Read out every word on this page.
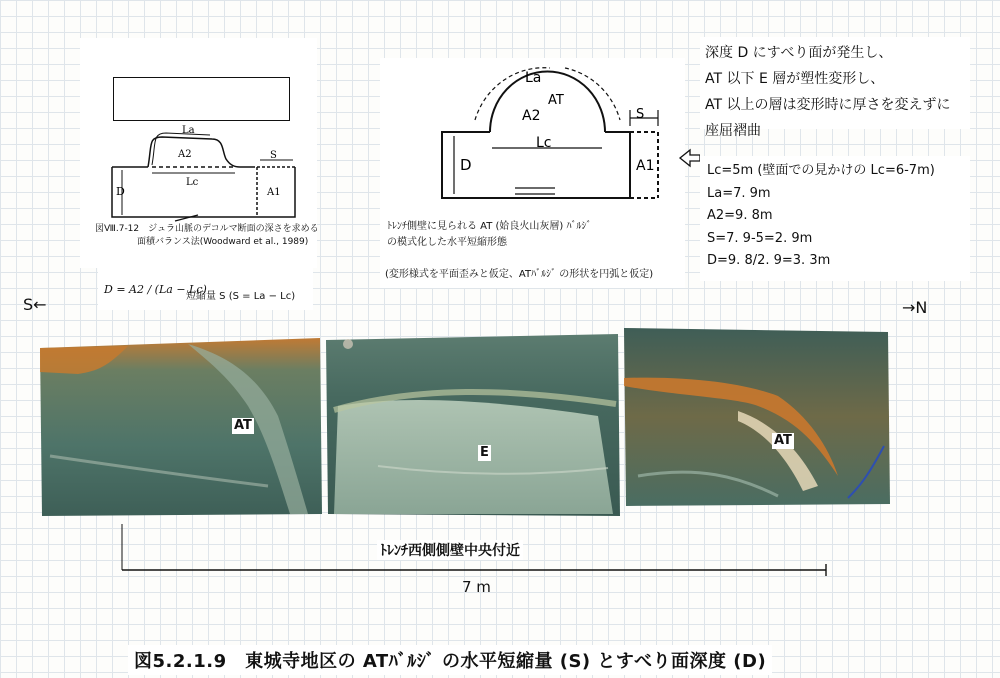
La
A2
Lc
S
D	A1
図Ⅷ.7-12　ジュラ山脈のデコルマ断面の深さを求める
面積バランス法(Woodward et al., 1989)
D = A2 / (La − Lc)
短縮量 S (S = La − Lc)
La
AT
A2
Lc
S
D	A1
ﾄﾚﾝﾁ側壁に見られる AT (姶良火山灰層) ﾊﾞﾙｼﾞ
の模式化した水平短縮形態
(変形様式を平面歪みと仮定、ATﾊﾞﾙｼﾞ の形状を円弧と仮定)
深度 D にすべり面が発生し、
AT 以下 E 層が塑性変形し、
AT 以上の層は変形時に厚さを変えずに
座屈褶曲
Lc=5m (壁面での見かけの Lc=6-7m)
La=7. 9m
A2=9. 8m
S=7. 9-5=2. 9m
D=9. 8/2. 9=3. 3m
S←	→N
AT
E
AT
ﾄﾚﾝﾁ西側側壁中央付近
7 m
図5.2.1.9　東城寺地区の ATﾊﾞﾙｼﾞ の水平短縮量 (S) とすべり面深度 (D)
